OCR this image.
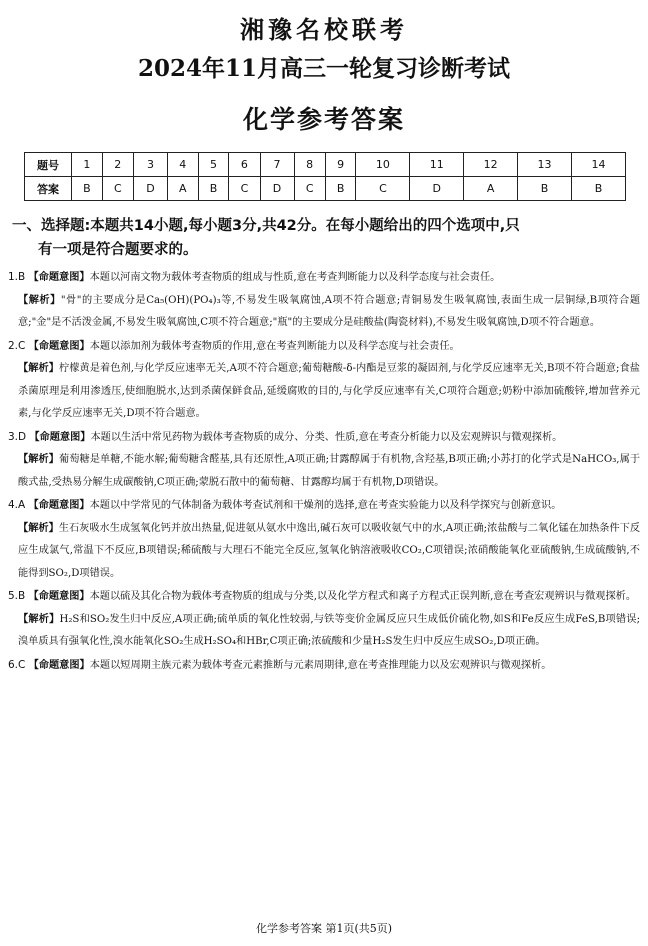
湘豫名校联考
2024年11月高三一轮复习诊断考试
化学参考答案
题号	1	2	3	4	5	6	7	8	9	10	11	12	13	14
答案	B	C	D	A	B	C	D	C	B	C	D	A	B	B
一、选择题:本题共14小题,每小题3分,共42分。在每小题给出的四个选项中,只
有一项是符合题要求的。

1.B 【命题意图】本题以河南文物为载体考查物质的组成与性质,意在考查判断能力以及科学态度与社会责任。

【解析】"骨"的主要成分是Ca₅(OH)(PO₄)₃等,不易发生吸氧腐蚀,A项不符合题意;青铜易发生吸氧腐蚀,表面生成一层铜绿,B项符合题意;"金"是不活泼金属,不易发生吸氧腐蚀,C项不符合题意;"瓶"的主要成分是硅酸盐(陶瓷材料),不易发生吸氧腐蚀,D项不符合题意。

2.C 【命题意图】本题以添加剂为载体考查物质的作用,意在考查判断能力以及科学态度与社会责任。

【解析】柠檬黄是着色剂,与化学反应速率无关,A项不符合题意;葡萄糖酸-δ-内酯是豆浆的凝固剂,与化学反应速率无关,B项不符合题意;食盐杀菌原理是利用渗透压,使细胞脱水,达到杀菌保鲜食品,延缓腐败的目的,与化学反应速率有关,C项符合题意;奶粉中添加硫酸锌,增加营养元素,与化学反应速率无关,D项不符合题意。

3.D 【命题意图】本题以生活中常见药物为载体考查物质的成分、分类、性质,意在考查分析能力以及宏观辨识与微观探析。

【解析】葡萄糖是单糖,不能水解;葡萄糖含醛基,具有还原性,A项正确;甘露醇属于有机物,含羟基,B项正确;小苏打的化学式是NaHCO₃,属于酸式盐,受热易分解生成碳酸钠,C项正确;蒙脱石散中的葡萄糖、甘露醇均属于有机物,D项错误。

4.A 【命题意图】本题以中学常见的气体制备为载体考查试剂和干燥剂的选择,意在考查实验能力以及科学探究与创新意识。

【解析】生石灰吸水生成氢氧化钙并放出热量,促进氨从氨水中逸出,碱石灰可以吸收氨气中的水,A项正确;浓盐酸与二氧化锰在加热条件下反应生成氯气,常温下不反应,B项错误;稀硫酸与大理石不能完全反应,氢氧化钠溶液吸收CO₂,C项错误;浓硝酸能氧化亚硫酸钠,生成硫酸钠,不能得到SO₂,D项错误。

5.B 【命题意图】本题以硫及其化合物为载体考查物质的组成与分类,以及化学方程式和离子方程式正误判断,意在考查宏观辨识与微观探析。

【解析】H₂S和SO₂发生归中反应,A项正确;硫单质的氧化性较弱,与铁等变价金属反应只生成低价硫化物,如S和Fe反应生成FeS,B项错误;溴单质具有强氧化性,溴水能氧化SO₂生成H₂SO₄和HBr,C项正确;浓硫酸和少量H₂S发生归中反应生成SO₂,D项正确。

6.C 【命题意图】本题以短周期主族元素为载体考查元素推断与元素周期律,意在考查推理能力以及宏观辨识与微观探析。

化学参考答案 第1页(共5页)
